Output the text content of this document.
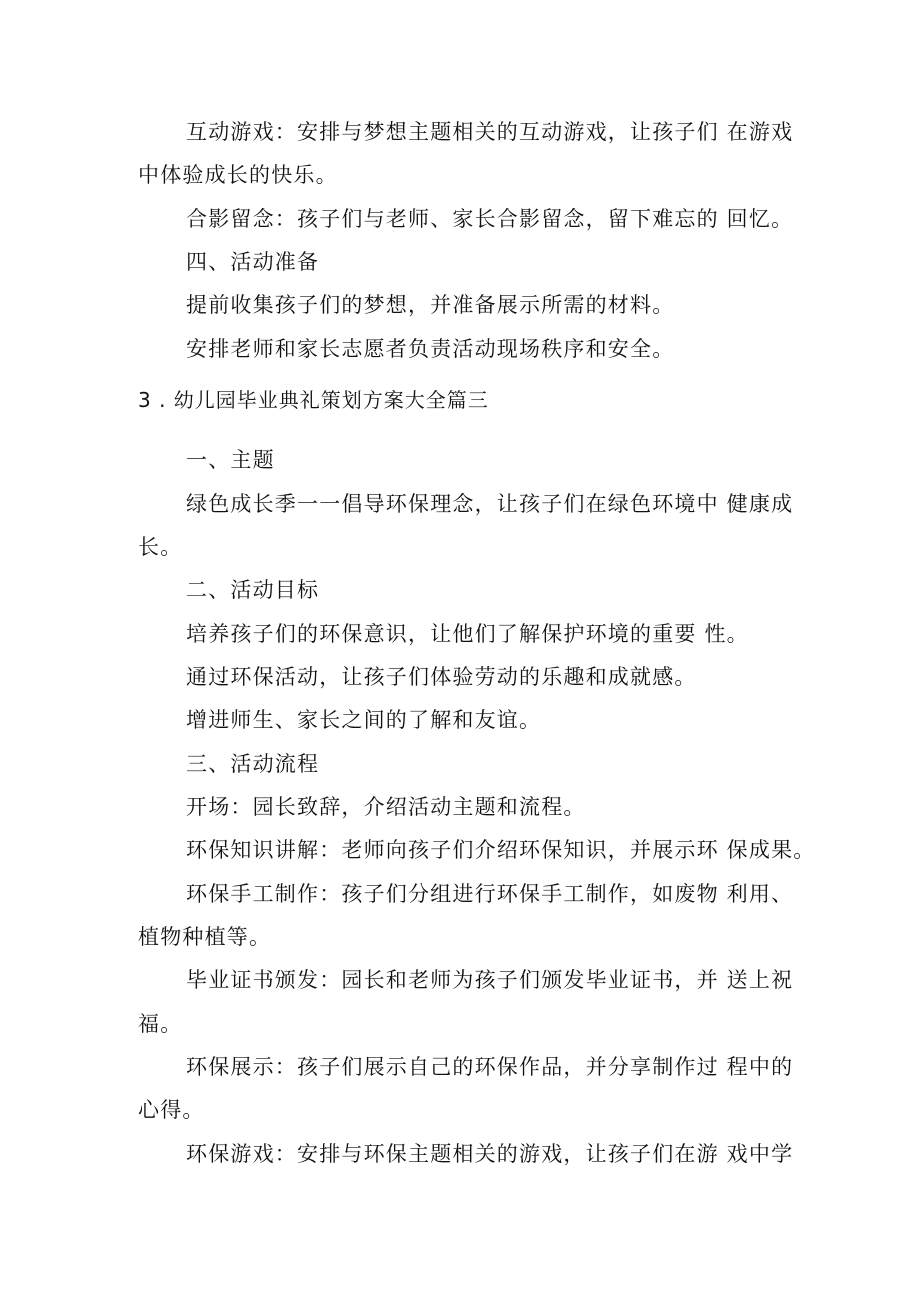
互动游戏：安排与梦想主题相关的互动游戏，让孩子们 在游戏
中体验成长的快乐。
合影留念：孩子们与老师、家长合影留念，留下难忘的 回忆。
四、活动准备
提前收集孩子们的梦想，并准备展示所需的材料。
安排老师和家长志愿者负责活动现场秩序和安全。
3 . 幼儿园毕业典礼策划方案大全篇三
一、主题
绿色成长季一一倡导环保理念，让孩子们在绿色环境中 健康成
长。
二、活动目标
培养孩子们的环保意识，让他们了解保护环境的重要 性。
通过环保活动，让孩子们体验劳动的乐趣和成就感。
增进师生、家长之间的了解和友谊。
三、活动流程
开场：园长致辞，介绍活动主题和流程。
环保知识讲解：老师向孩子们介绍环保知识，并展示环 保成果。
环保手工制作：孩子们分组进行环保手工制作，如废物 利用、
植物种植等。
毕业证书颁发：园长和老师为孩子们颁发毕业证书，并 送上祝
福。
环保展示：孩子们展示自己的环保作品，并分享制作过 程中的
心得。
环保游戏：安排与环保主题相关的游戏，让孩子们在游 戏中学
